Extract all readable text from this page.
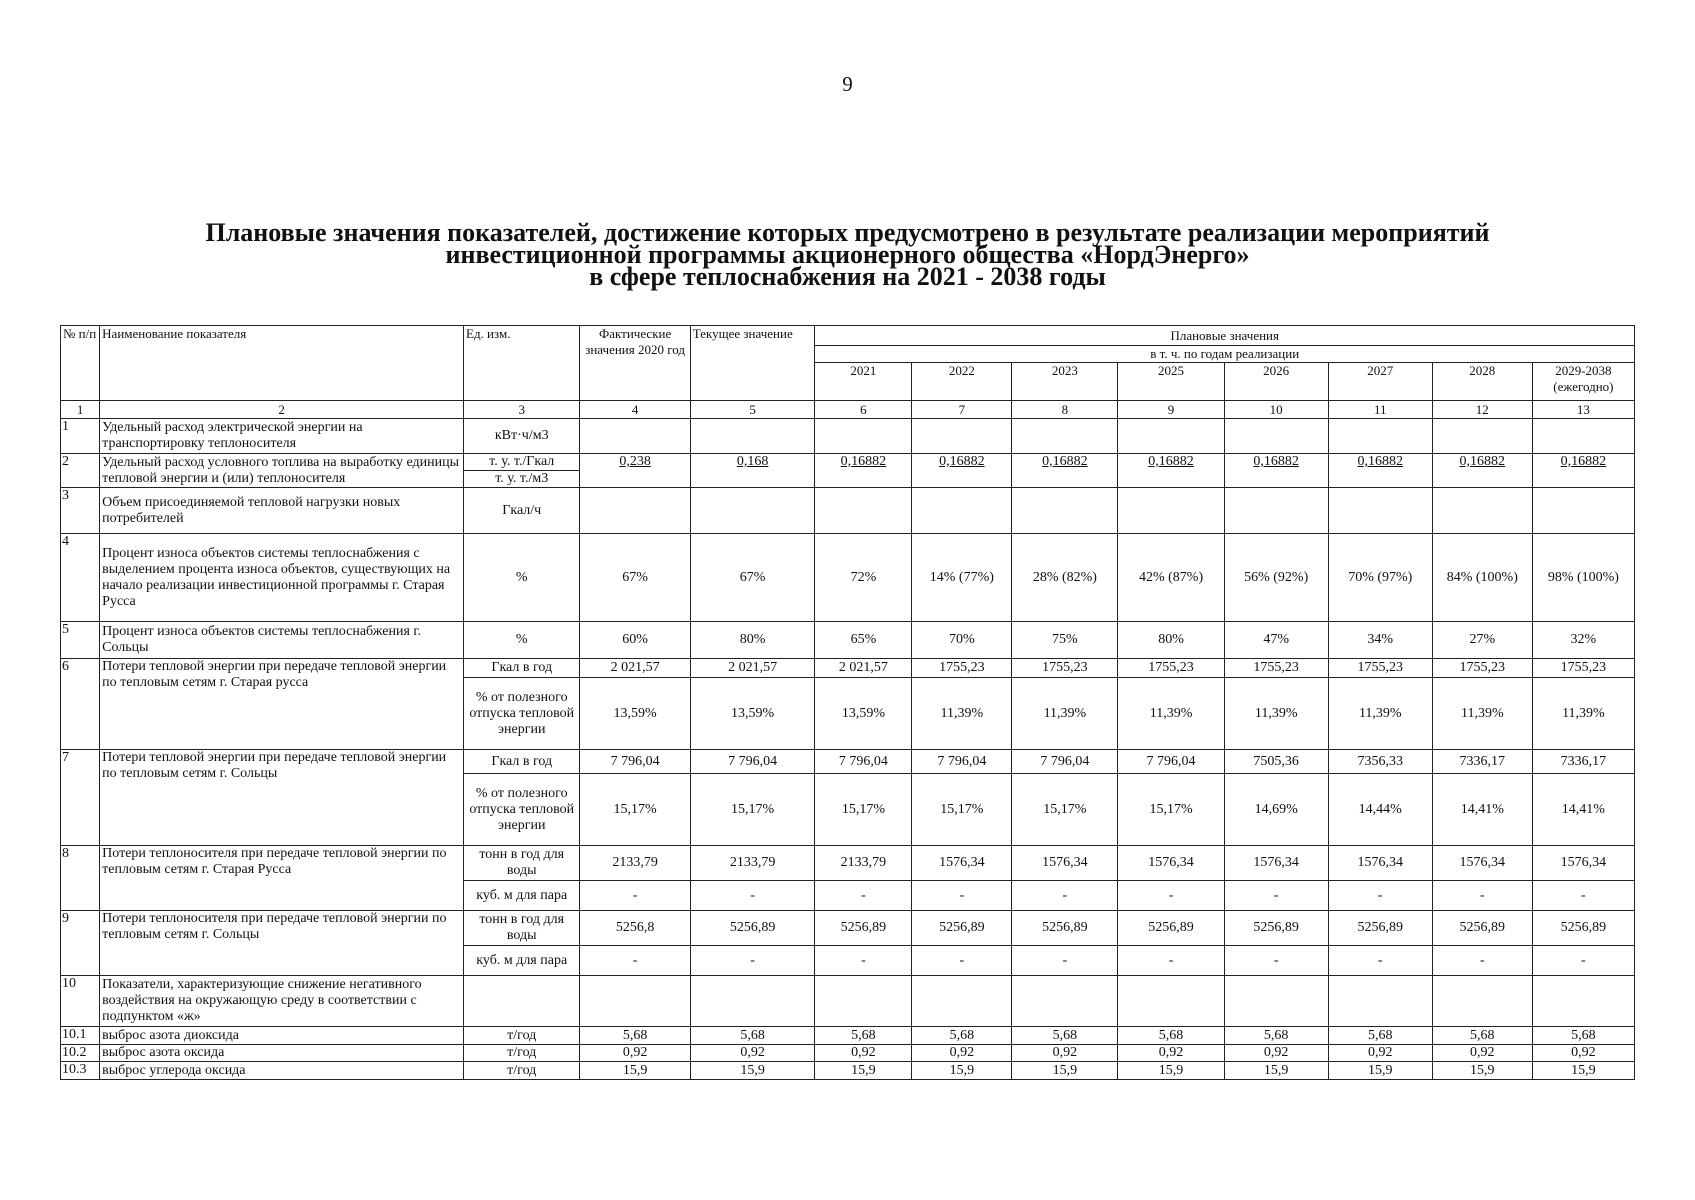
9
Плановые значения показателей, достижение которых предусмотрено в результате реализации мероприятий
инвестиционной программы акционерного общества «НордЭнерго»
в сфере теплоснабжения на 2021 - 2038 годы
№ п/п	Наименование показателя	Ед. изм.	Фактические значения 2020 год	Текущее значение	Плановые значения							
					в т. ч. по годам реализации							
					2021	2022	2023	2025	2026	2027	2028	2029-2038 (ежегодно)
1	2	3	4	5	6	7	8	9	10	11	12	13
1	Удельный расход электрической энергии на транспортировку теплоносителя	кВт·ч/м3										
2	Удельный расход условного топлива на выработку единицы тепловой энергии и (или) теплоносителя	т. у. т./Гкал	0,238	0,168	0,16882	0,16882	0,16882	0,16882	0,16882	0,16882	0,16882	0,16882
		т. у. т./м3										
3	Объем присоединяемой тепловой нагрузки новых потребителей	Гкал/ч										
4	Процент износа объектов системы теплоснабжения с выделением процента износа объектов, существующих на начало реализации инвестиционной программы г. Старая Русса	%	67%	67%	72%	14% (77%)	28% (82%)	42% (87%)	56% (92%)	70% (97%)	84% (100%)	98% (100%)
5	Процент износа объектов системы теплоснабжения г. Сольцы	%	60%	80%	65%	70%	75%	80%	47%	34%	27%	32%
6	Потери тепловой энергии при передаче тепловой энергии по тепловым сетям г. Старая русса	Гкал в год	2 021,57	2 021,57	2 021,57	1755,23	1755,23	1755,23	1755,23	1755,23	1755,23	1755,23
		% от полезного отпуска тепловой энергии	13,59%	13,59%	13,59%	11,39%	11,39%	11,39%	11,39%	11,39%	11,39%	11,39%
7	Потери тепловой энергии при передаче тепловой энергии по тепловым сетям г. Сольцы	Гкал в год	7 796,04	7 796,04	7 796,04	7 796,04	7 796,04	7 796,04	7505,36	7356,33	7336,17	7336,17
		% от полезного отпуска тепловой энергии	15,17%	15,17%	15,17%	15,17%	15,17%	15,17%	14,69%	14,44%	14,41%	14,41%
8	Потери теплоносителя при передаче тепловой энергии по тепловым сетям г. Старая Русса	тонн в год для воды	2133,79	2133,79	2133,79	1576,34	1576,34	1576,34	1576,34	1576,34	1576,34	1576,34
		куб. м для пара	-	-	-	-	-	-	-	-	-	-
9	Потери теплоносителя при передаче тепловой энергии по тепловым сетям г. Сольцы	тонн в год для воды	5256,8	5256,89	5256,89	5256,89	5256,89	5256,89	5256,89	5256,89	5256,89	5256,89
		куб. м для пара	-	-	-	-	-	-	-	-	-	-
10	Показатели, характеризующие снижение негативного воздействия на окружающую среду в соответствии с подпунктом «ж»											
10.1	выброс азота диоксида	т/год	5,68	5,68	5,68	5,68	5,68	5,68	5,68	5,68	5,68	5,68
10.2	выброс азота оксида	т/год	0,92	0,92	0,92	0,92	0,92	0,92	0,92	0,92	0,92	0,92
10.3	выброс углерода оксида	т/год	15,9	15,9	15,9	15,9	15,9	15,9	15,9	15,9	15,9	15,9
